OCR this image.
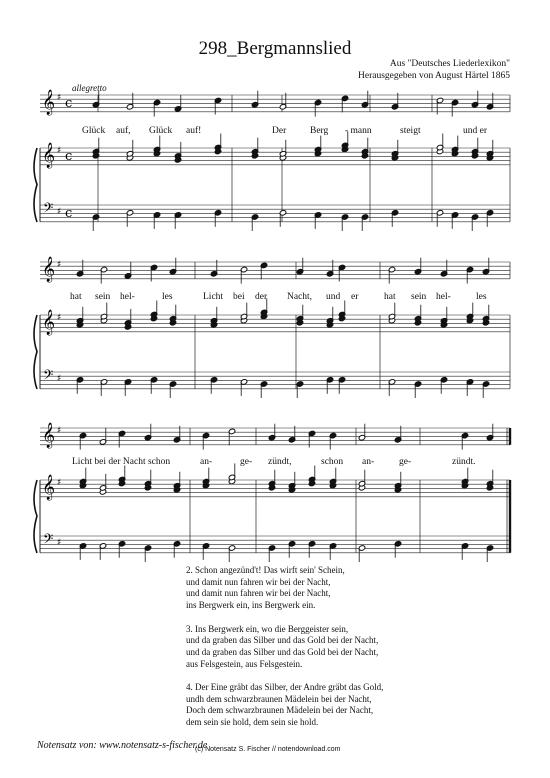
𝄞
𝄞
𝄢
♯
♯
♯
c
c
c
𝄞
𝄞
𝄢
♯
♯
♯
𝄞
𝄞
𝄢
♯
♯
♯
298_Bergmannslied
Aus "Deutsches Liederlexikon"
Herausgegeben von August Härtel 1865
allegretto
Glück auf, Glück auf!	Der	Berg - mann	steigt	und er
hat sein hel-	les	Licht bei der Nacht, und er	hat sein hel-	les
Licht bei der Nacht schon	an-	ge- zündt,	schon an-	ge-	zündt.

2. Schon angezünd't! Das wirft sein' Schein,
und damit nun fahren wir bei der Nacht,
und damit nun fahren wir bei der Nacht,
ins Bergwerk ein, ins Bergwerk ein.

3. Ins Bergwerk ein, wo die Berggeister sein,
und da graben das Silber und das Gold bei der Nacht,
und da graben das Silber und das Gold bei der Nacht,
aus Felsgestein, aus Felsgestein.

4. Der Eine gräbt das Silber, der Andre gräbt das Gold,
undh dem schwarzbraunen Mädelein bei der Nacht,
Doch dem schwarzbraunen Mädelein bei der Nacht,
dem sein sie hold, dem sein sie hold.

Notensatz von: www.notensatz-s-fischer.de
(c) Notensatz S. Fischer // notendownload.com
